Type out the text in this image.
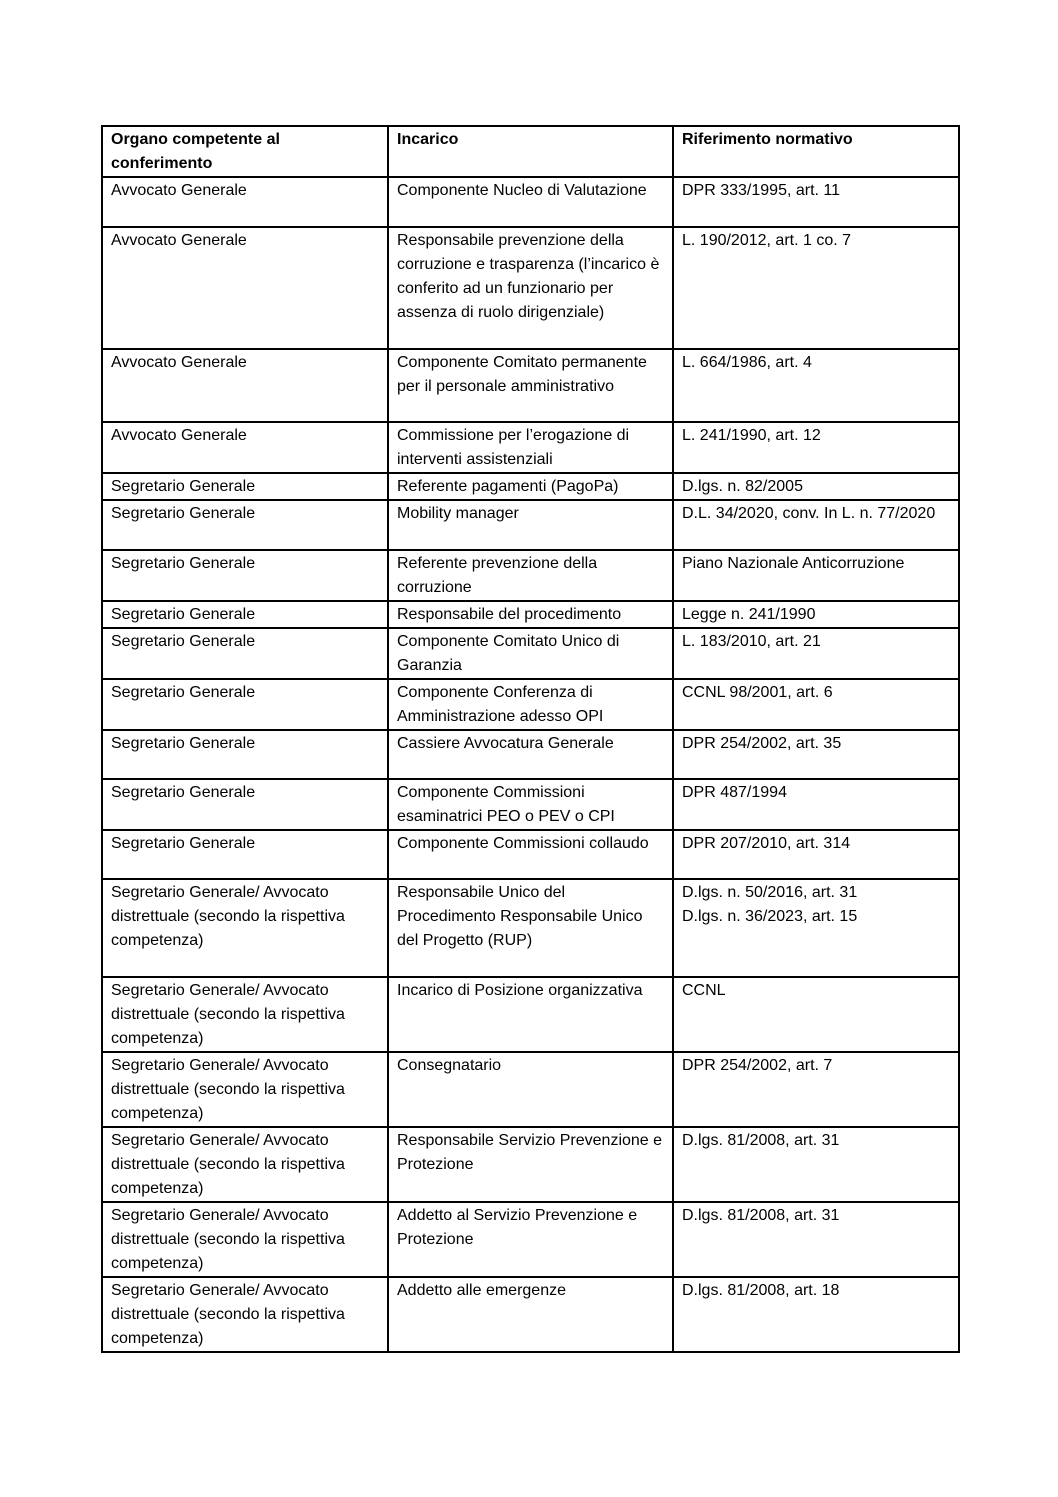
Organo competente al conferimento	Incarico	Riferimento normativo
Avvocato Generale	Componente Nucleo di Valutazione	DPR 333/1995, art. 11

Avvocato Generale	Responsabile prevenzione della corruzione e trasparenza (l’incarico è conferito ad un funzionario per assenza di ruolo dirigenziale)	L. 190/2012, art. 1 co. 7

Avvocato Generale	Componente Comitato permanente per il personale amministrativo	L. 664/1986, art. 4

Avvocato Generale	Commissione per l’erogazione di interventi assistenziali	L. 241/1990, art. 12

Segretario Generale	Referente pagamenti (PagoPa)	D.lgs. n. 82/2005

Segretario Generale	Mobility manager	D.L. 34/2020, conv. In L. n. 77/2020

Segretario Generale	Referente prevenzione della corruzione	Piano Nazionale Anticorruzione

Segretario Generale	Responsabile del procedimento	Legge n. 241/1990

Segretario Generale	Componente Comitato Unico di Garanzia	L. 183/2010, art. 21

Segretario Generale	Componente Conferenza di Amministrazione adesso OPI	CCNL 98/2001, art. 6

Segretario Generale	Cassiere Avvocatura Generale	DPR 254/2002, art. 35

Segretario Generale	Componente Commissioni esaminatrici PEO o PEV o CPI	DPR 487/1994

Segretario Generale	Componente Commissioni collaudo	DPR 207/2010, art. 314

Segretario Generale/ Avvocato distrettuale (secondo la rispettiva competenza)	Responsabile Unico del Procedimento Responsabile Unico del Progetto (RUP)	D.lgs. n. 50/2016, art. 31
D.lgs. n. 36/2023, art. 15

Segretario Generale/ Avvocato distrettuale (secondo la rispettiva competenza)	Incarico di Posizione organizzativa	CCNL

Segretario Generale/ Avvocato distrettuale (secondo la rispettiva competenza)	Consegnatario	DPR 254/2002, art. 7

Segretario Generale/ Avvocato distrettuale (secondo la rispettiva competenza)	Responsabile Servizio Prevenzione e Protezione	D.lgs. 81/2008, art. 31

Segretario Generale/ Avvocato distrettuale (secondo la rispettiva competenza)	Addetto al Servizio Prevenzione e Protezione	D.lgs. 81/2008, art. 31

Segretario Generale/ Avvocato distrettuale (secondo la rispettiva competenza)	Addetto alle emergenze	D.lgs. 81/2008, art. 18
